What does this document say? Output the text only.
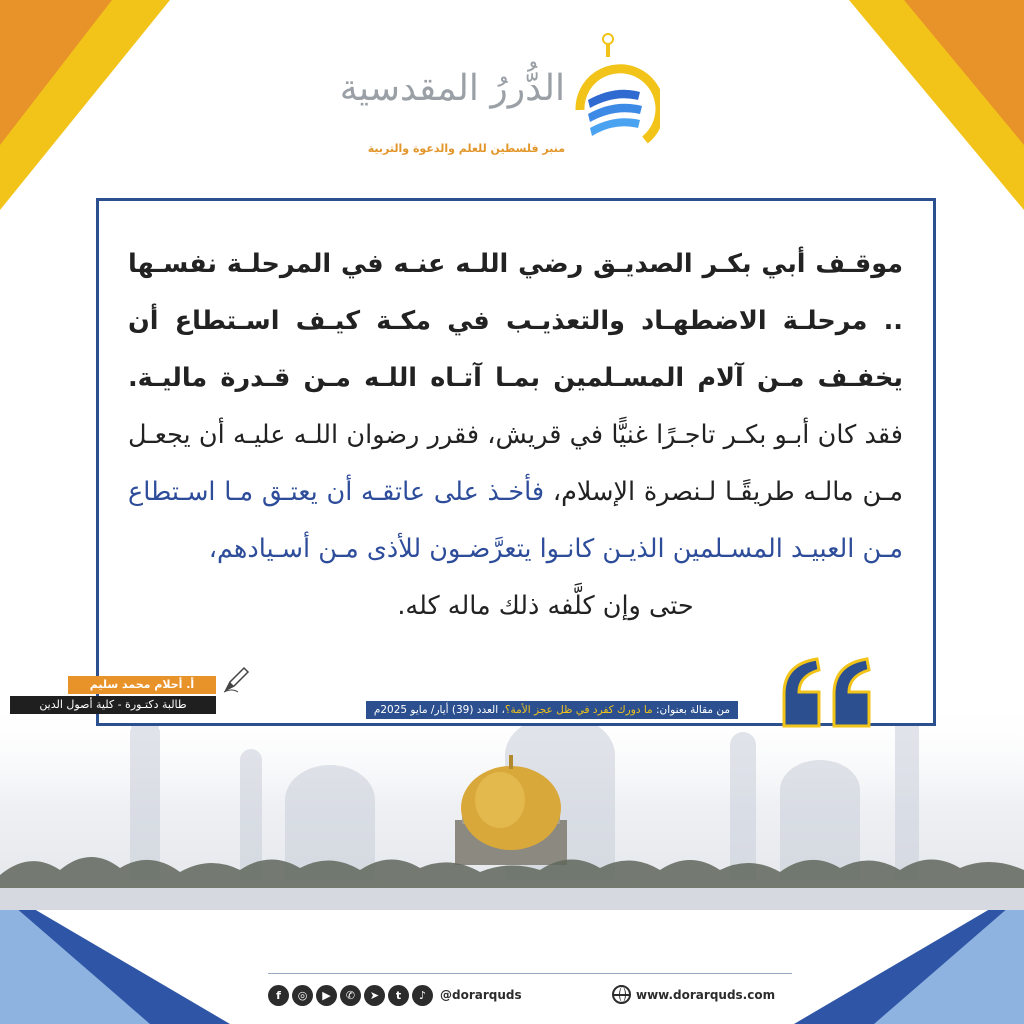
الدُّررُ المقدسية
منبر فلسطين للعلم والدعوة والتربية
موقـف أبي بكـر الصديـق رضي اللـه عنـه في المرحلـة نفسـها .. مرحلـة الاضطهـاد والتعذيـب في مكـة كيـف اسـتطاع أن يخفـف مـن آلام المسـلمين بمـا آتـاه اللـه مـن قـدرة ماليـة. فقد كان أبـو بكـر تاجـرًا غنيًّا في قريش، فقرر رضوان اللـه عليـه أن يجعـل مـن مالـه طريقًـا لـنصرة الإسلام، فأخـذ على عاتقـه أن يعتـق مـا اسـتطاع مـن العبيـد المسـلمين الذيـن كانـوا يتعرَّضـون للأذى مـن أسـيادهم،
حتى وإن كلَّفه ذلك ماله كله.
من مقالة بعنوان: ما دورك كفرد في ظل عجز الأمة؟، العدد (39) أيار/ مايو 2025م
أ. أحلام محمد سليم
طالبة دكتـورة - كلية أصول الدين
f	◎	▶	✆	➤	t	♪	@dorarquds	www.dorarquds.com
